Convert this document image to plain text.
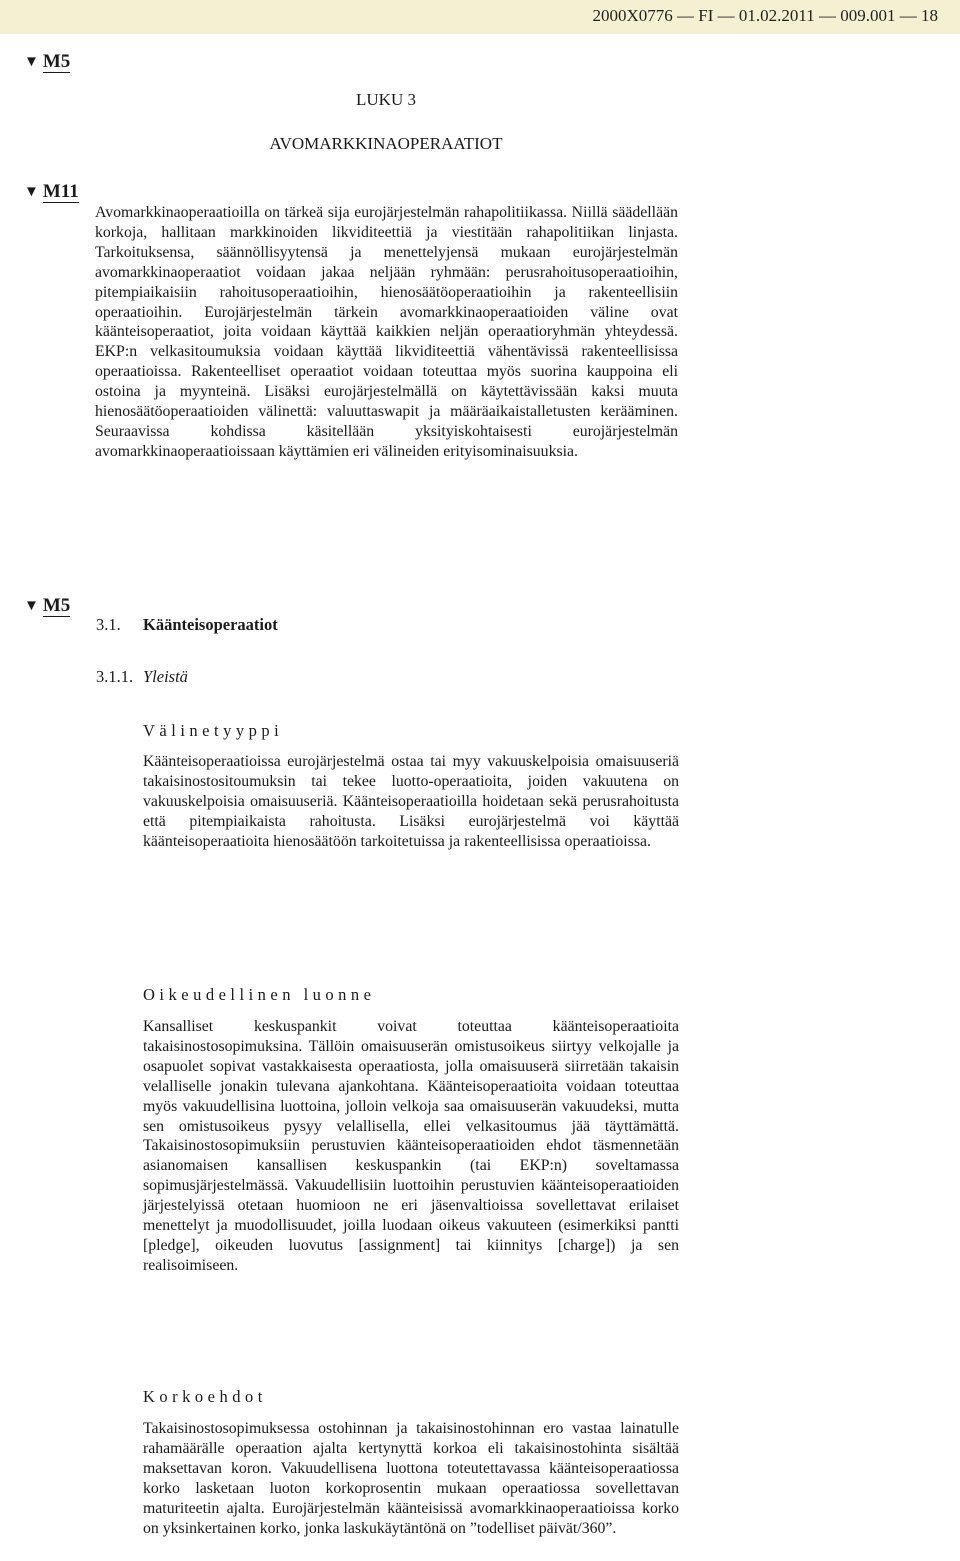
2000X0776 — FI — 01.02.2011 — 009.001 — 18
▼ M5
LUKU 3
AVOMARKKINAOPERAATIOT
▼ M11

Avomarkkinaoperaatioilla on tärkeä sija eurojärjestelmän rahapolitiikassa. Niillä säädellään korkoja, hallitaan markkinoiden likviditeettiä ja viestitään rahapolitiikan linjasta. Tarkoituksensa, säännöllisyytensä ja menettelyjensä mukaan eurojärjestelmän avomarkkinaoperaatiot voidaan jakaa neljään ryhmään: perusrahoitusoperaatioihin, pitempiaikaisiin rahoitusoperaatioihin, hienosäätöoperaatioihin ja rakenteellisiin operaatioihin. Eurojärjestelmän tärkein avomarkkinaoperaatioiden väline ovat käänteisoperaatiot, joita voidaan käyttää kaikkien neljän operaatioryhmän yhteydessä. EKP:n velkasitoumuksia voidaan käyttää likviditeettiä vähentävissä rakenteellisissa operaatioissa. Rakenteelliset operaatiot voidaan toteuttaa myös suorina kauppoina eli ostoina ja myynteinä. Lisäksi eurojärjestelmällä on käytettävissään kaksi muuta hienosäätöoperaatioiden välinettä: valuuttaswapit ja määräaikaistalletusten kerääminen. Seuraavissa kohdissa käsitellään yksityiskohtaisesti eurojärjestelmän avomarkkinaoperaatioissaan käyttämien eri välineiden erityisominaisuuksia.

▼ M5
3.1. Käänteisoperaatiot
3.1.1. Yleistä
Välinetyyppi

Käänteisoperaatioissa eurojärjestelmä ostaa tai myy vakuuskelpoisia omaisuuseriä takaisinostositoumuksin tai tekee luotto-operaatioita, joiden vakuutena on vakuuskelpoisia omaisuuseriä. Käänteisoperaatioilla hoidetaan sekä perusrahoitusta että pitempiaikaista rahoitusta. Lisäksi eurojärjestelmä voi käyttää käänteisoperaatioita hienosäätöön tarkoitetuissa ja rakenteellisissa operaatioissa.

Oikeudellinen luonne

Kansalliset keskuspankit voivat toteuttaa käänteisoperaatioita takaisinostosopimuksina. Tällöin omaisuuserän omistusoikeus siirtyy velkojalle ja osapuolet sopivat vastakkaisesta operaatiosta, jolla omaisuuserä siirretään takaisin velalliselle jonakin tulevana ajankohtana. Käänteisoperaatioita voidaan toteuttaa myös vakuudellisina luottoina, jolloin velkoja saa omaisuuserän vakuudeksi, mutta sen omistusoikeus pysyy velallisella, ellei velkasitoumus jää täyttämättä. Takaisinostosopimuksiin perustuvien käänteisoperaatioiden ehdot täsmennetään asianomaisen kansallisen keskuspankin (tai EKP:n) soveltamassa sopimusjärjestelmässä. Vakuudellisiin luottoihin perustuvien käänteisoperaatioiden järjestelyissä otetaan huomioon ne eri jäsenvaltioissa sovellettavat erilaiset menettelyt ja muodollisuudet, joilla luodaan oikeus vakuuteen (esimerkiksi pantti [pledge], oikeuden luovutus [assignment] tai kiinnitys [charge]) ja sen realisoimiseen.

Korkoehdot

Takaisinostosopimuksessa ostohinnan ja takaisinostohinnan ero vastaa lainatulle rahamäärälle operaation ajalta kertynyttä korkoa eli takaisinostohinta sisältää maksettavan koron. Vakuudellisena luottona toteutettavassa käänteisoperaatiossa korko lasketaan luoton korkoprosentin mukaan operaatiossa sovellettavan maturiteetin ajalta. Eurojärjestelmän käänteisissä avomarkkinaoperaatioissa korko on yksinkertainen korko, jonka laskukäytäntönä on ”todelliset päivät/360”.
